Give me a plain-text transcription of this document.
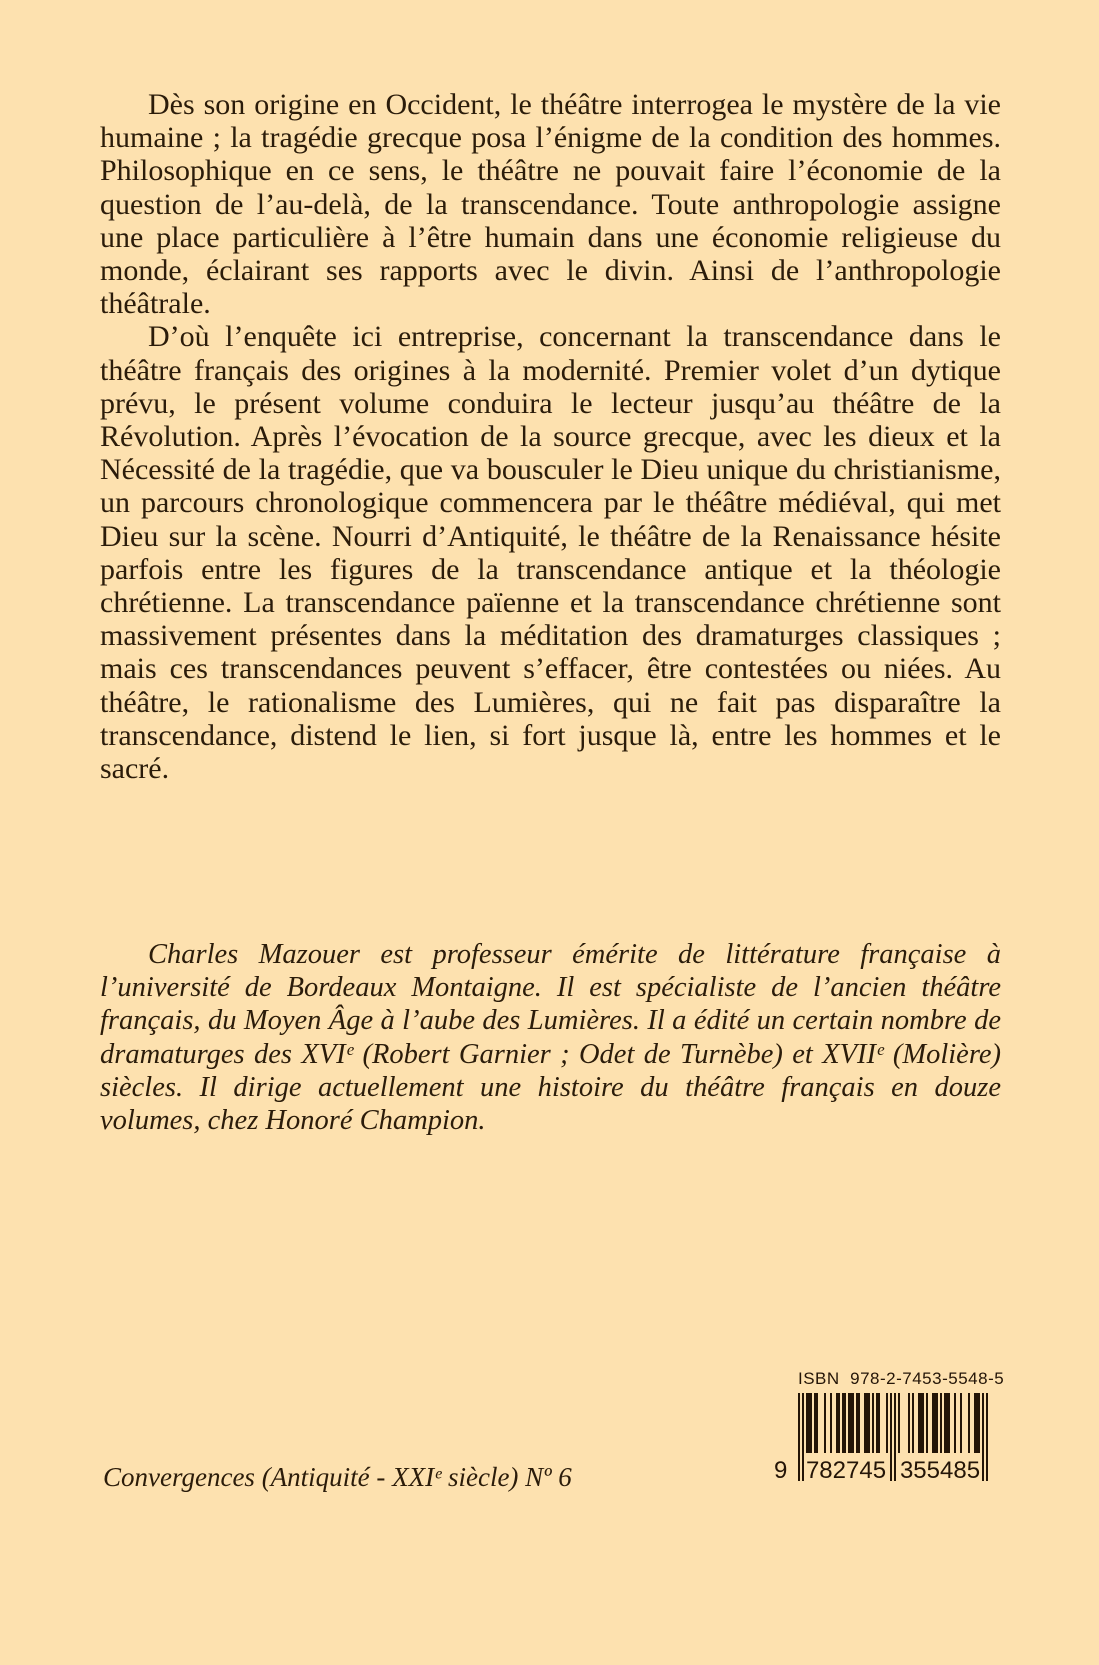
Dès son origine en Occident, le théâtre interrogea le mystère de la vie humaine ; la tragédie grecque posa l’énigme de la condition des hommes. Philosophique en ce sens, le théâtre ne pouvait faire l’économie de la question de l’au-delà, de la transcendance. Toute anthropologie assigne une place particulière à l’être humain dans une économie religieuse du monde, éclairant ses rapports avec le divin. Ainsi de l’anthropologie théâtrale.

D’où l’enquête ici entreprise, concernant la transcendance dans le théâtre français des origines à la modernité. Premier volet d’un dytique prévu, le présent volume conduira le lecteur jusqu’au théâtre de la Révolution. Après l’évocation de la source grecque, avec les dieux et la Nécessité de la tragédie, que va bousculer le Dieu unique du christianisme, un parcours chronologique commencera par le théâtre médiéval, qui met Dieu sur la scène. Nourri d’Antiquité, le théâtre de la Renaissance hésite parfois entre les figures de la transcendance antique et la théologie chrétienne. La transcendance païenne et la transcendance chrétienne sont massivement présentes dans la méditation des dramaturges classiques ; mais ces transcendances peuvent s’effacer, être contestées ou niées. Au théâtre, le rationalisme des Lumières, qui ne fait pas disparaître la transcendance, distend le lien, si fort jusque là, entre les hommes et le sacré.

Charles Mazouer est professeur émérite de littérature française à l’université de Bordeaux Montaigne. Il est spécialiste de l’ancien théâtre français, du Moyen Âge à l’aube des Lumières. Il a édité un certain nombre de dramaturges des XVIᵉ (Robert Garnier ; Odet de Turnèbe) et XVIIᵉ (Molière) siècles. Il dirige actuellement une histoire du théâtre français en douze volumes, chez Honoré Champion.

Convergences (Antiquité - XXIᵉ siècle) Nº 6
ISBN  978-2-7453-5548-5
9 782745 355485
